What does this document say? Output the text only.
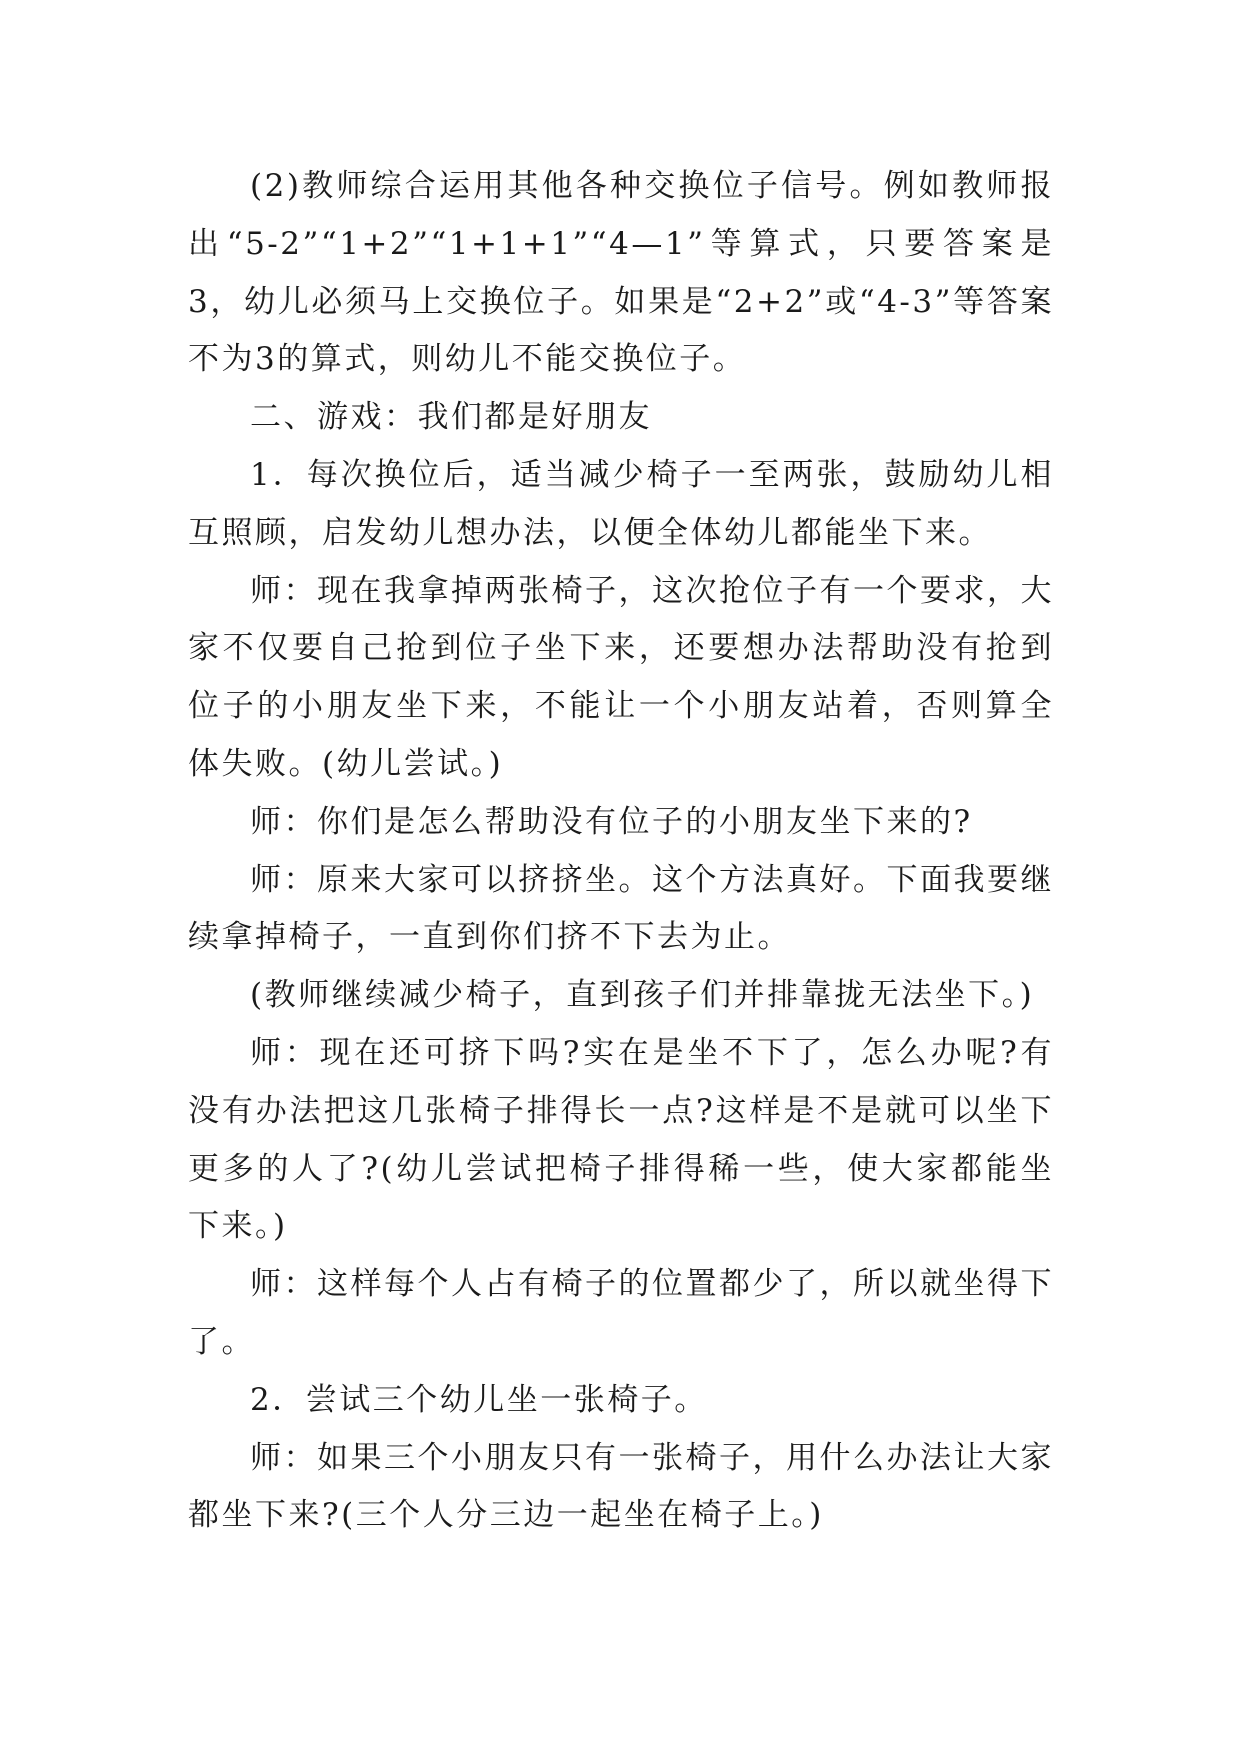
(2)教师综合运用其他各种交换位子信号。例如教师报出“5-2”“1+2”“1+1+1”“4—1”等算式，只要答案是3，幼儿必须马上交换位子。如果是“2+2”或“4-3”等答案不为3的算式，则幼儿不能交换位子。

二、游戏：我们都是好朋友

1．每次换位后，适当减少椅子一至两张，鼓励幼儿相互照顾，启发幼儿想办法，以便全体幼儿都能坐下来。

师：现在我拿掉两张椅子，这次抢位子有一个要求，大家不仅要自己抢到位子坐下来，还要想办法帮助没有抢到位子的小朋友坐下来，不能让一个小朋友站着，否则算全体失败。(幼儿尝试。)

师：你们是怎么帮助没有位子的小朋友坐下来的?

师：原来大家可以挤挤坐。这个方法真好。下面我要继续拿掉椅子，一直到你们挤不下去为止。

(教师继续减少椅子，直到孩子们并排靠拢无法坐下。)

师：现在还可挤下吗?实在是坐不下了，怎么办呢?有没有办法把这几张椅子排得长一点?这样是不是就可以坐下更多的人了?(幼儿尝试把椅子排得稀一些，使大家都能坐下来。)

师：这样每个人占有椅子的位置都少了，所以就坐得下了。

2．尝试三个幼儿坐一张椅子。

师：如果三个小朋友只有一张椅子，用什么办法让大家都坐下来?(三个人分三边一起坐在椅子上。)
